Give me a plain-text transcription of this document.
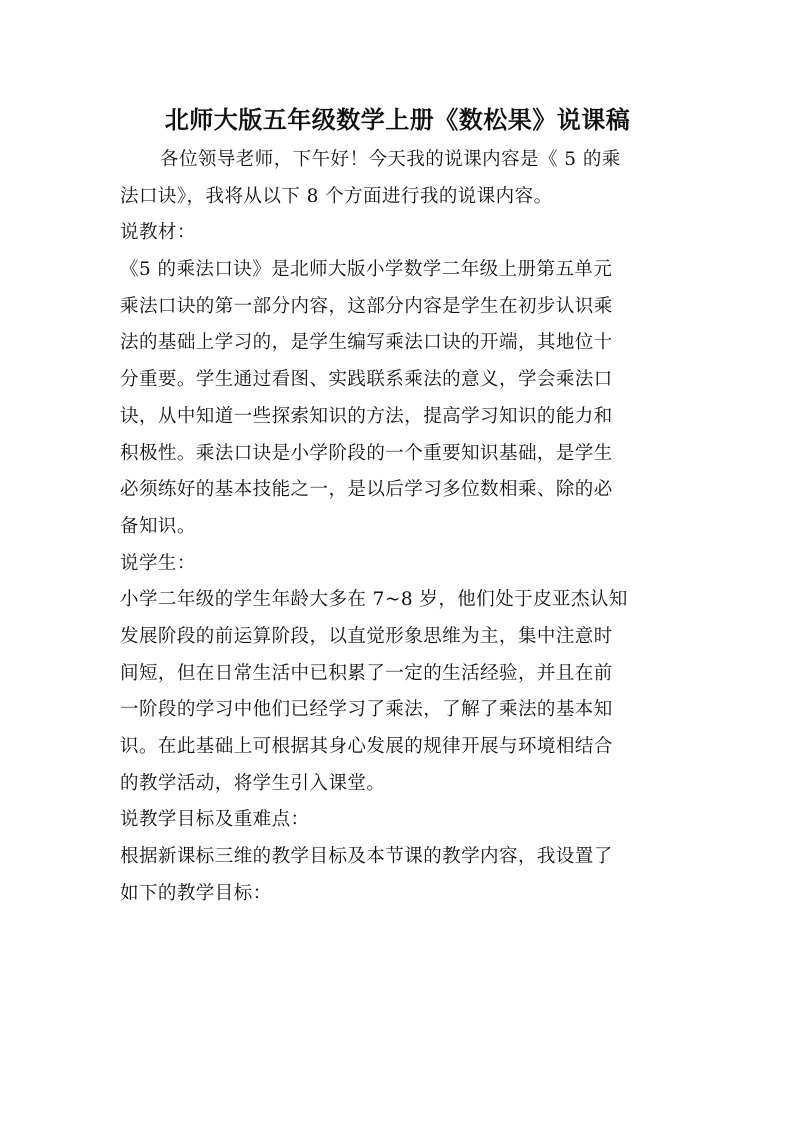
北师大版五年级数学上册《数松果》说课稿
各位领导老师，下午好！今天我的说课内容是《 5 的乘
法口诀》，我将从以下 8 个方面进行我的说课内容。
说教材：
《5 的乘法口诀》是北师大版小学数学二年级上册第五单元
乘法口诀的第一部分内容，这部分内容是学生在初步认识乘
法的基础上学习的，是学生编写乘法口诀的开端，其地位十
分重要。学生通过看图、实践联系乘法的意义，学会乘法口
诀，从中知道一些探索知识的方法，提高学习知识的能力和
积极性。乘法口诀是小学阶段的一个重要知识基础，是学生
必须练好的基本技能之一，是以后学习多位数相乘、除的必
备知识。
说学生：
小学二年级的学生年龄大多在 7~8 岁，他们处于皮亚杰认知
发展阶段的前运算阶段，以直觉形象思维为主，集中注意时
间短，但在日常生活中已积累了一定的生活经验，并且在前
一阶段的学习中他们已经学习了乘法，了解了乘法的基本知
识。在此基础上可根据其身心发展的规律开展与环境相结合
的教学活动，将学生引入课堂。
说教学目标及重难点：
根据新课标三维的教学目标及本节课的教学内容，我设置了
如下的教学目标：
